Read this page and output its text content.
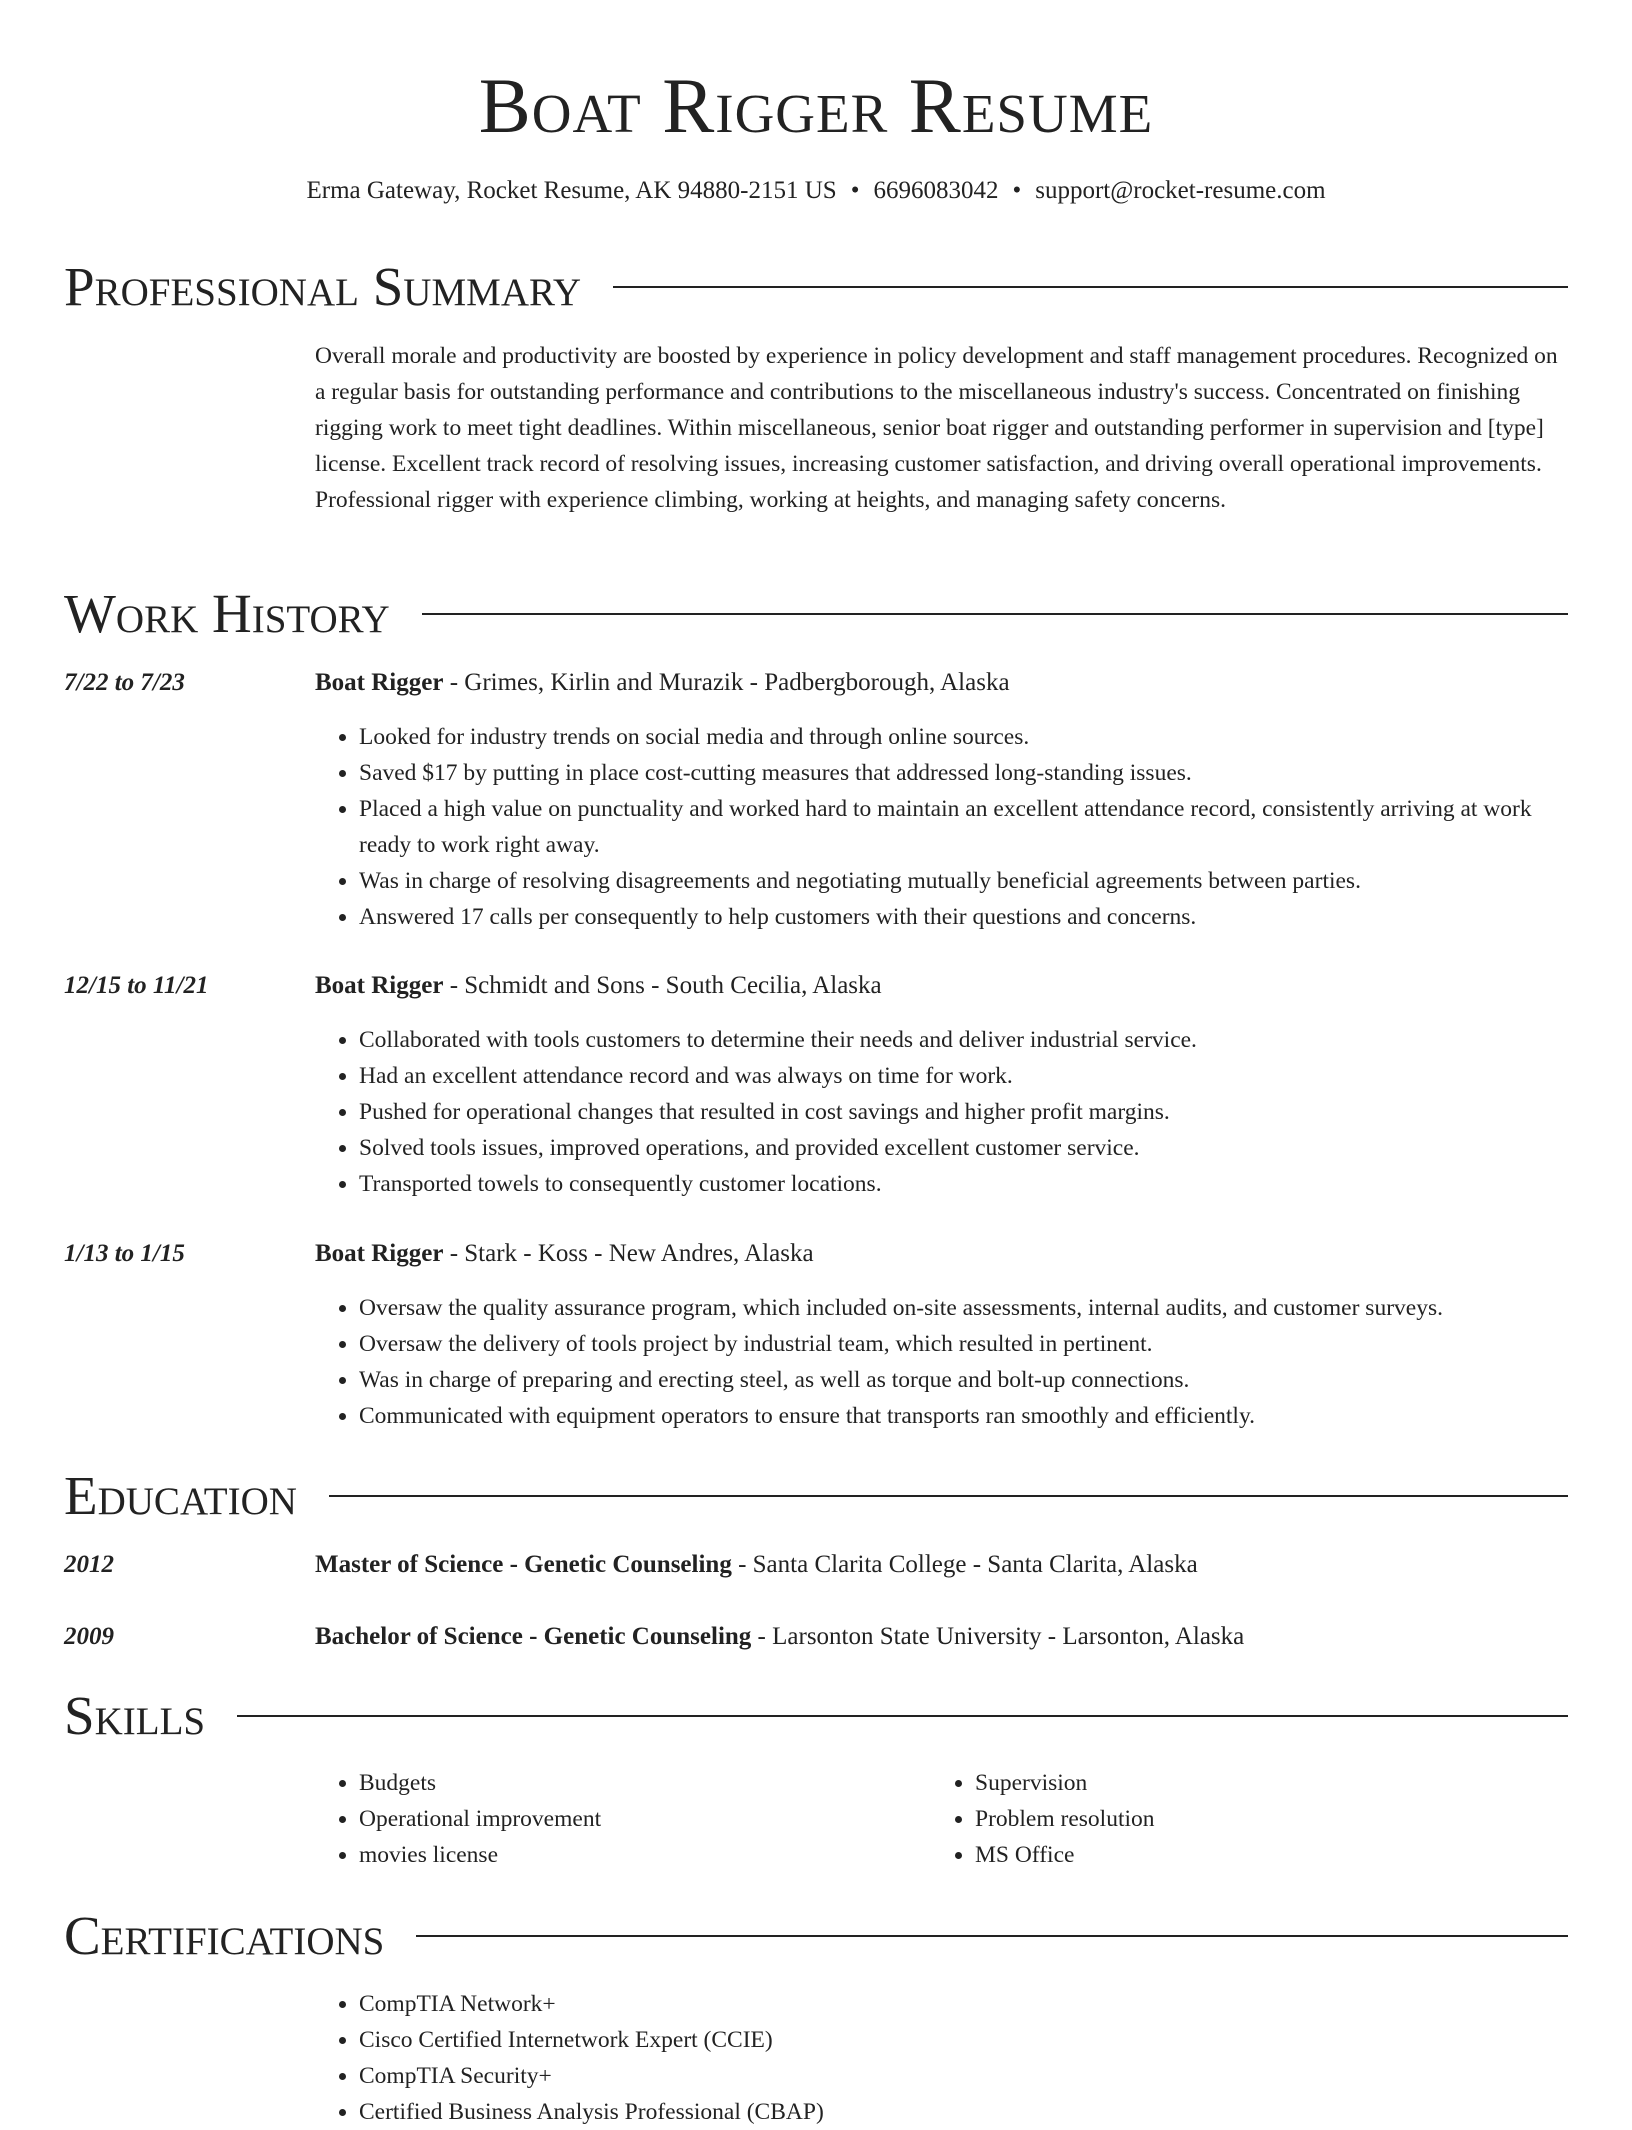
Boat Rigger Resume
Erma Gateway, Rocket Resume, AK 94880-2151 US • 6696083042 • support@rocket-resume.com
Professional Summary
Overall morale and productivity are boosted by experience in policy development and staff management procedures. Recognized on a regular basis for outstanding performance and contributions to the miscellaneous industry's success. Concentrated on finishing rigging work to meet tight deadlines. Within miscellaneous, senior boat rigger and outstanding performer in supervision and [type] license. Excellent track record of resolving issues, increasing customer satisfaction, and driving overall operational improvements. Professional rigger with experience climbing, working at heights, and managing safety concerns.
Work History
7/22 to 7/23	Boat Rigger - Grimes, Kirlin and Murazik - Padbergborough, Alaska
• Looked for industry trends on social media and through online sources.
• Saved $17 by putting in place cost-cutting measures that addressed long-standing issues.
• Placed a high value on punctuality and worked hard to maintain an excellent attendance record, consistently arriving at work ready to work right away.
• Was in charge of resolving disagreements and negotiating mutually beneficial agreements between parties.
• Answered 17 calls per consequently to help customers with their questions and concerns.
12/15 to 11/21	Boat Rigger - Schmidt and Sons - South Cecilia, Alaska
• Collaborated with tools customers to determine their needs and deliver industrial service.
• Had an excellent attendance record and was always on time for work.
• Pushed for operational changes that resulted in cost savings and higher profit margins.
• Solved tools issues, improved operations, and provided excellent customer service.
• Transported towels to consequently customer locations.
1/13 to 1/15	Boat Rigger - Stark - Koss - New Andres, Alaska
• Oversaw the quality assurance program, which included on-site assessments, internal audits, and customer surveys.
• Oversaw the delivery of tools project by industrial team, which resulted in pertinent.
• Was in charge of preparing and erecting steel, as well as torque and bolt-up connections.
• Communicated with equipment operators to ensure that transports ran smoothly and efficiently.
Education
2012	Master of Science - Genetic Counseling - Santa Clarita College - Santa Clarita, Alaska
2009	Bachelor of Science - Genetic Counseling - Larsonton State University - Larsonton, Alaska
Skills
• Budgets
• Operational improvement
• movies license
• Supervision
• Problem resolution
• MS Office
Certifications
• CompTIA Network+
• Cisco Certified Internetwork Expert (CCIE)
• CompTIA Security+
• Certified Business Analysis Professional (CBAP)
